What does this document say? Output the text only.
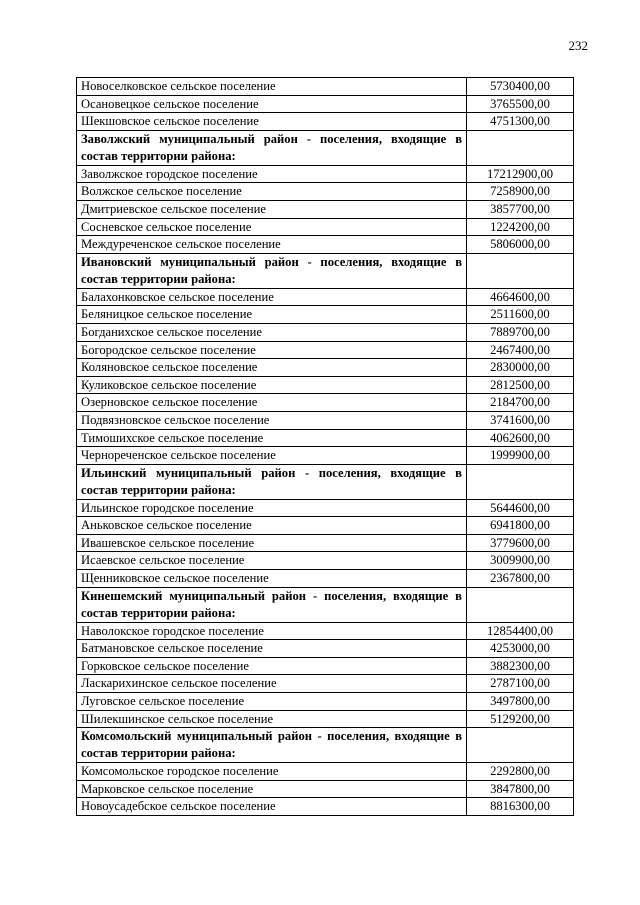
232
Новоселковское сельское поселение	5730400,00
Осановецкое сельское поселение	3765500,00
Шекшовское сельское поселение	4751300,00
Заволжский муниципальный район - поселения, входящие в состав территории района:	
Заволжское городское поселение	17212900,00
Волжское сельское поселение	7258900,00
Дмитриевское сельское поселение	3857700,00
Сосневское сельское поселение	1224200,00
Междуреченское сельское поселение	5806000,00
Ивановский муниципальный район - поселения, входящие в состав территории района:	
Балахонковское сельское поселение	4664600,00
Беляницкое сельское поселение	2511600,00
Богданихское сельское поселение	7889700,00
Богородское сельское поселение	2467400,00
Коляновское сельское поселение	2830000,00
Куликовское сельское поселение	2812500,00
Озерновское сельское поселение	2184700,00
Подвязновское сельское поселение	3741600,00
Тимошихское сельское поселение	4062600,00
Чернореченское сельское поселение	1999900,00
Ильинский муниципальный район - поселения, входящие в состав территории района:	
Ильинское городское поселение	5644600,00
Аньковское сельское поселение	6941800,00
Ивашевское сельское поселение	3779600,00
Исаевское сельское поселение	3009900,00
Щенниковское сельское поселение	2367800,00
Кинешемский муниципальный район - поселения, входящие в состав территории района:	
Наволокское городское поселение	12854400,00
Батмановское сельское поселение	4253000,00
Горковское сельское поселение	3882300,00
Ласкарихинское сельское поселение	2787100,00
Луговское сельское поселение	3497800,00
Шилекшинское сельское поселение	5129200,00
Комсомольский муниципальный район - поселения, входящие в состав территории района:	
Комсомольское городское поселение	2292800,00
Марковское сельское поселение	3847800,00
Новоусадебское сельское поселение	8816300,00
